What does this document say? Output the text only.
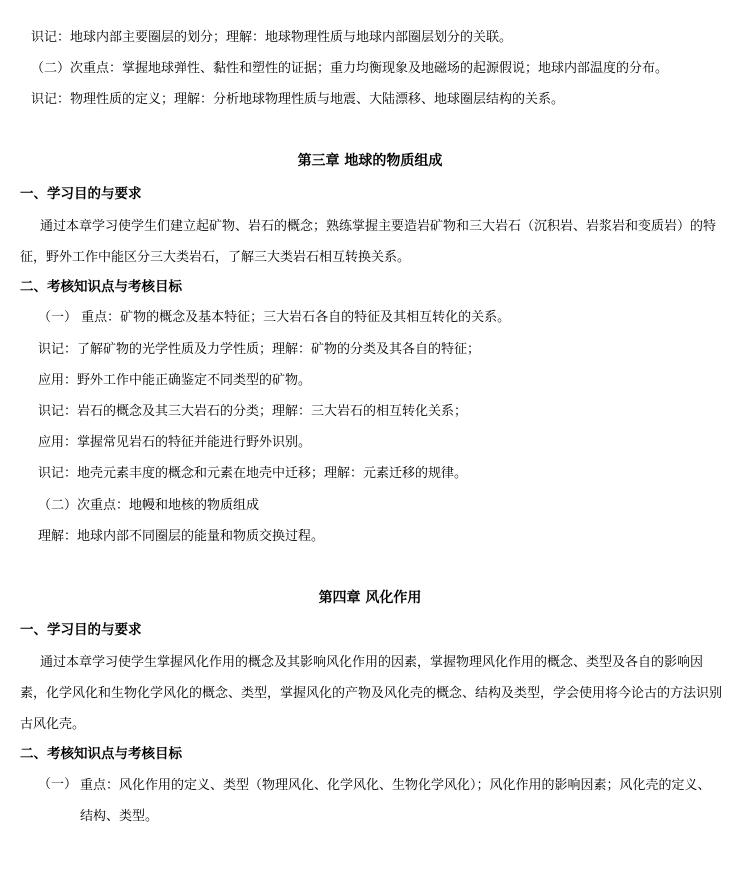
识记：地球内部主要圈层的划分；理解：地球物理性质与地球内部圈层划分的关联。
（二）次重点：掌握地球弹性、黏性和塑性的证据；重力均衡现象及地磁场的起源假说；地球内部温度的分布。
识记：物理性质的定义；理解：分析地球物理性质与地震、大陆漂移、地球圈层结构的关系。
第三章 地球的物质组成
一、学习目的与要求
通过本章学习使学生们建立起矿物、岩石的概念；熟练掌握主要造岩矿物和三大岩石（沉积岩、岩浆岩和变质岩）的特征，野外工作中能区分三大类岩石，了解三大类岩石相互转换关系。
二、考核知识点与考核目标
（一） 重点：矿物的概念及基本特征；三大岩石各自的特征及其相互转化的关系。
识记：了解矿物的光学性质及力学性质；理解：矿物的分类及其各自的特征；
应用：野外工作中能正确鉴定不同类型的矿物。
识记：岩石的概念及其三大岩石的分类；理解：三大岩石的相互转化关系；
应用：掌握常见岩石的特征并能进行野外识别。
识记：地壳元素丰度的概念和元素在地壳中迁移；理解：元素迁移的规律。
（二）次重点：地幔和地核的物质组成
理解：地球内部不同圈层的能量和物质交换过程。
第四章 风化作用
一、学习目的与要求
通过本章学习使学生掌握风化作用的概念及其影响风化作用的因素，掌握物理风化作用的概念、类型及各自的影响因素，化学风化和生物化学风化的概念、类型，掌握风化的产物及风化壳的概念、结构及类型，学会使用将今论古的方法识别古风化壳。
二、考核知识点与考核目标
（一） 重点：风化作用的定义、类型（物理风化、化学风化、生物化学风化）；风化作用的影响因素；风化壳的定义、结构、类型。
